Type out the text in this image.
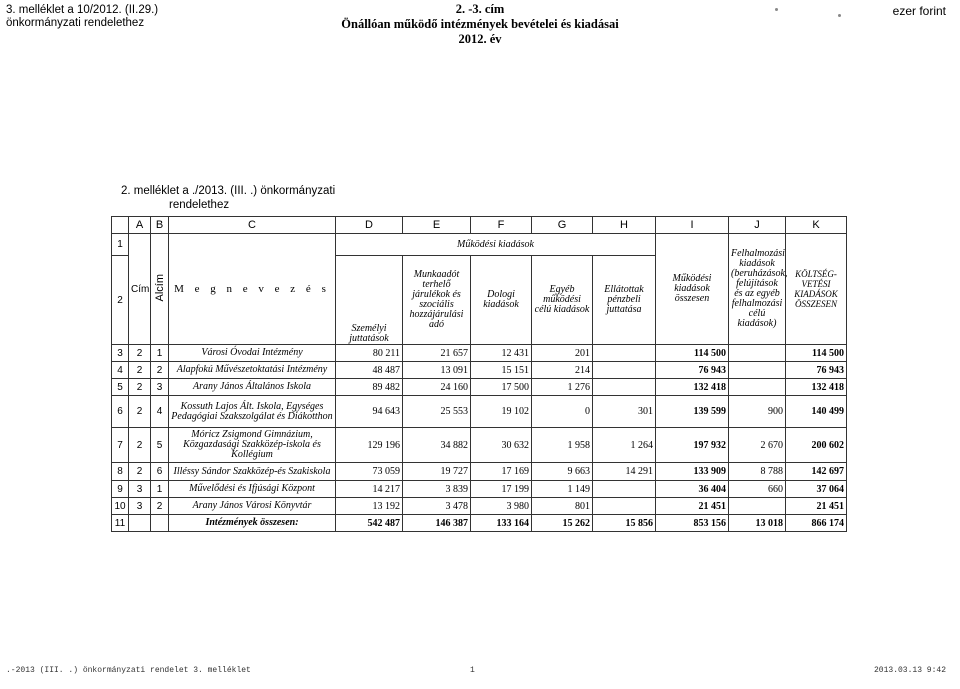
3. melléklet a 10/2012. (II.29.)
önkormányzati rendelethez
2. -3. cím
Önállóan működő intézmények bevételei és kiadásai
2012. év
ezer forint
2. melléklet a ./2013. (III. .) önkormányzati
rendelethez
	A	B	C	D	E	F	G	H	I	J	K
1	Cím	Alcím	M e g n e v e z é s	Működési kiadások					Működési kiadások összesen	Felhalmozási kiadások (beruházások, felújítások és az egyéb felhalmozási célú kiadások)	KÖLTSÉG-VETÉSI KIADÁSOK ÖSSZESEN
2				Személyi juttatások	Munkaadót terhelő járulékok és szociális hozzájárulási adó	Dologi kiadások	Egyéb működési célú kiadások	Ellátottak pénzbeli juttatása			
3	2	1	Városi Óvodai Intézmény	80 211	21 657	12 431	201		114 500		114 500
4	2	2	Alapfokú Művészetoktatási Intézmény	48 487	13 091	15 151	214		76 943		76 943
5	2	3	Arany János Általános Iskola	89 482	24 160	17 500	1 276		132 418		132 418
6	2	4	Kossuth Lajos Ált. Iskola, Egységes Pedagógiai Szakszolgálat és Diákotthon	94 643	25 553	19 102	0	301	139 599	900	140 499
7	2	5	Móricz Zsigmond Gimnázium, Közgazdasági Szakközép-iskola és Kollégium	129 196	34 882	30 632	1 958	1 264	197 932	2 670	200 602
8	2	6	Illéssy Sándor Szakközép-és Szakiskola	73 059	19 727	17 169	9 663	14 291	133 909	8 788	142 697
9	3	1	Művelődési és Ifjúsági Központ	14 217	3 839	17 199	1 149		36 404	660	37 064
10	3	2	Arany János Városi Könyvtár	13 192	3 478	3 980	801		21 451		21 451
11			Intézmények összesen:	542 487	146 387	133 164	15 262	15 856	853 156	13 018	866 174
.-2013 (III. .) önkormányzati rendelet 3. melléklet	1	2013.03.13 9:42
